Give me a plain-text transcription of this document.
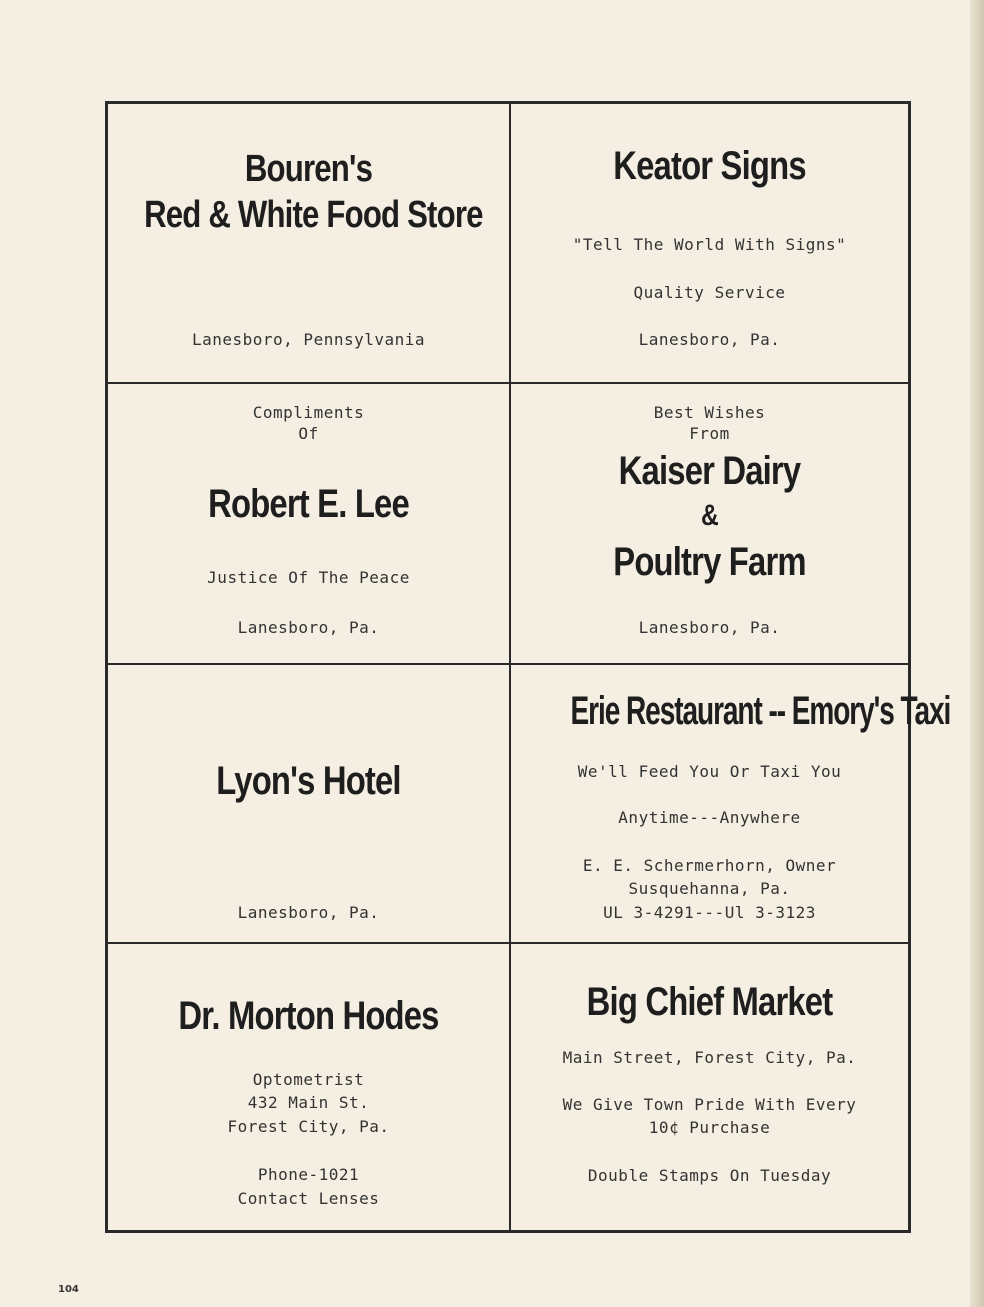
Bouren's
Red & White Food Store
Lanesboro, Pennsylvania
Keator Signs
"Tell The World With Signs"
Quality Service
Lanesboro, Pa.
Compliments
Of
Robert E. Lee
Justice Of The Peace
Lanesboro, Pa.
Best Wishes
From
Kaiser Dairy
&
Poultry Farm
Lanesboro, Pa.
Lyon's Hotel
Lanesboro, Pa.
Erie Restaurant -- Emory's Taxi
We'll Feed You Or Taxi You
Anytime---Anywhere
E. E. Schermerhorn, Owner
Susquehanna, Pa.
UL 3-4291---Ul 3-3123
Dr. Morton Hodes
Optometrist
432 Main St.
Forest City, Pa.
Phone-1021
Contact Lenses
Big Chief Market
Main Street, Forest City, Pa.
We Give Town Pride With Every
10¢ Purchase
Double Stamps On Tuesday
104
